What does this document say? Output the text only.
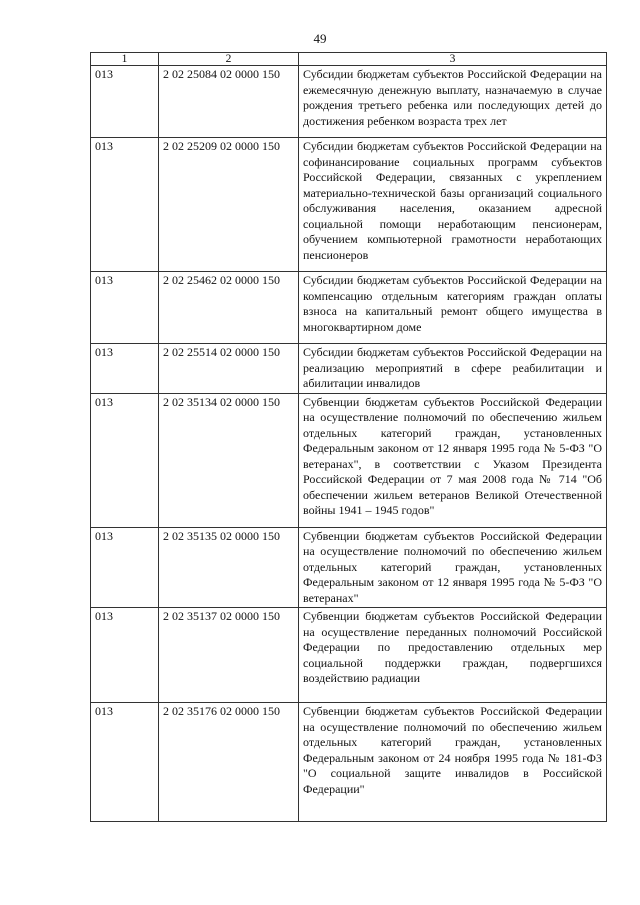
49
1	2	3
013	2 02 25084 02 0000 150	Субсидии бюджетам субъектов Российской Федерации на ежемесячную денежную выплату, назначаемую в случае рождения третьего ребенка или последующих детей до достижения ребенком возраста трех лет
013	2 02 25209 02 0000 150	Субсидии бюджетам субъектов Российской Федерации на софинансирование социальных программ субъектов Российской Федерации, связанных с укреплением материально-технической базы организаций социального обслуживания населения, оказанием адресной социальной помощи неработающим пенсионерам, обучением компьютерной грамотности неработающих пенсионеров
013	2 02 25462 02 0000 150	Субсидии бюджетам субъектов Российской Федерации на компенсацию отдельным категориям граждан оплаты взноса на капитальный ремонт общего имущества в многоквартирном доме
013	2 02 25514 02 0000 150	Субсидии бюджетам субъектов Российской Федерации на реализацию мероприятий в сфере реабилитации и абилитации инвалидов
013	2 02 35134 02 0000 150	Субвенции бюджетам субъектов Российской Федерации на осуществление полномочий по обеспечению жильем отдельных категорий граждан, установленных Федеральным законом от 12 января 1995 года № 5-ФЗ "О ветеранах", в соответствии с Указом Президента Российской Федерации от 7 мая 2008 года № 714 "Об обеспечении жильем ветеранов Великой Отечественной войны 1941 – 1945 годов"
013	2 02 35135 02 0000 150	Субвенции бюджетам субъектов Российской Федерации на осуществление полномочий по обеспечению жильем отдельных категорий граждан, установленных Федеральным законом от 12 января 1995 года № 5-ФЗ "О ветеранах"
013	2 02 35137 02 0000 150	Субвенции бюджетам субъектов Российской Федерации на осуществление переданных полномочий Российской Федерации по предоставлению отдельных мер социальной поддержки граждан, подвергшихся воздействию радиации
013	2 02 35176 02 0000 150	Субвенции бюджетам субъектов Российской Федерации на осуществление полномочий по обеспечению жильем отдельных категорий граждан, установленных Федеральным законом от 24 ноября 1995 года № 181-ФЗ "О социальной защите инвалидов в Российской Федерации"
